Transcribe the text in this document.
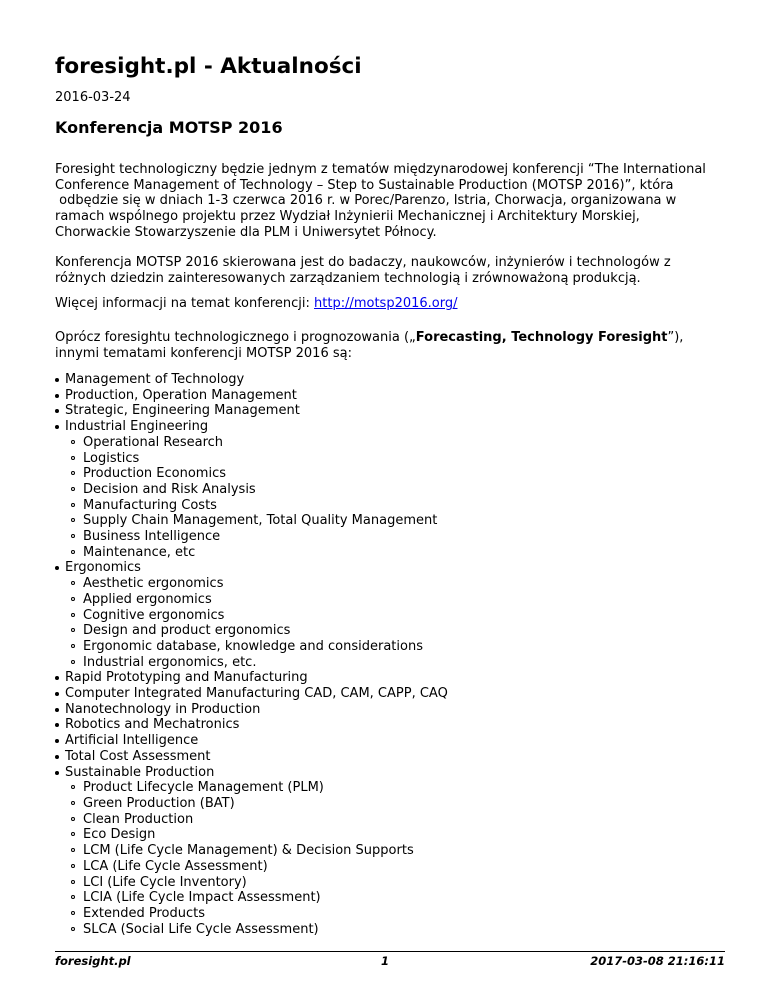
foresight.pl - Aktualności
2016-03-24
Konferencja MOTSP 2016

Foresight technologiczny będzie jednym z tematów międzynarodowej konferencji “The International
Conference Management of Technology – Step to Sustainable Production (MOTSP 2016)”, która
odbędzie się w dniach 1-3 czerwca 2016 r. w Porec/Parenzo, Istria, Chorwacja, organizowana w
ramach wspólnego projektu przez Wydział Inżynierii Mechanicznej i Architektury Morskiej,
Chorwackie Stowarzyszenie dla PLM i Uniwersytet Północy.

Konferencja MOTSP 2016 skierowana jest do badaczy, naukowców, inżynierów i technologów z
różnych dziedzin zainteresowanych zarządzaniem technologią i zrównoważoną produkcją.

Więcej informacji na temat konferencji: http://motsp2016.org/

Oprócz foresightu technologicznego i prognozowania („Forecasting, Technology Foresight”),
innymi tematami konferencji MOTSP 2016 są:

Management of Technology
Production, Operation Management
Strategic, Engineering Management
Industrial Engineering
Operational Research
Logistics
Production Economics
Decision and Risk Analysis
Manufacturing Costs
Supply Chain Management, Total Quality Management
Business Intelligence
Maintenance, etc
Ergonomics
Aesthetic ergonomics
Applied ergonomics
Cognitive ergonomics
Design and product ergonomics
Ergonomic database, knowledge and considerations
Industrial ergonomics, etc.
Rapid Prototyping and Manufacturing
Computer Integrated Manufacturing CAD, CAM, CAPP, CAQ
Nanotechnology in Production
Robotics and Mechatronics
Artificial Intelligence
Total Cost Assessment
Sustainable Production
Product Lifecycle Management (PLM)
Green Production (BAT)
Clean Production
Eco Design
LCM (Life Cycle Management) & Decision Supports
LCA (Life Cycle Assessment)
LCI (Life Cycle Inventory)
LCIA (Life Cycle Impact Assessment)
Extended Products
SLCA (Social Life Cycle Assessment)
foresight.pl	1	2017-03-08 21:16:11
